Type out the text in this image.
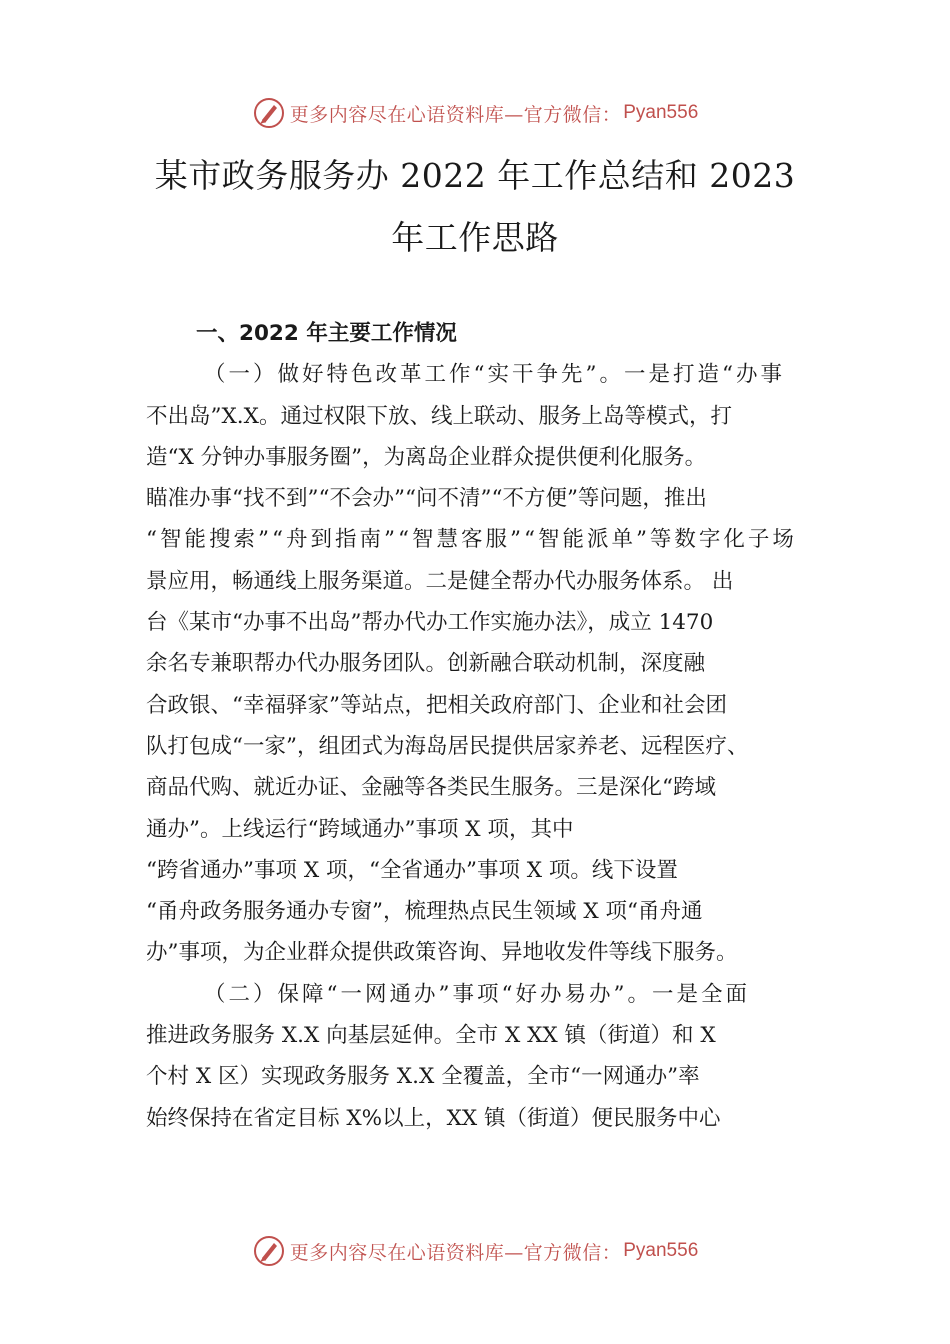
更多内容尽在心语资料库—官方微信： Pyan556
某市政务服务办 2022 年工作总结和 2023
年工作思路
一、2022 年主要工作情况
（一）做好特色改革工作“实干争先”。一是打造“办事
不出岛”X.X。通过权限下放、线上联动、服务上岛等模式，打
造“X 分钟办事服务圈”，为离岛企业群众提供便利化服务。
瞄准办事“找不到”“不会办”“问不清”“不方便”等问题，推出
“智能搜索”“舟到指南”“智慧客服”“智能派单”等数字化子场
景应用，畅通线上服务渠道。二是健全帮办代办服务体系。 出
台《某市“办事不出岛”帮办代办工作实施办法》，成立 1470
余名专兼职帮办代办服务团队。创新融合联动机制，深度融
合政银、“幸福驿家”等站点，把相关政府部门、企业和社会团
队打包成“一家”，组团式为海岛居民提供居家养老、远程医疗、
商品代购、就近办证、金融等各类民生服务。三是深化“跨域
通办”。上线运行“跨域通办”事项 X 项，其中
“跨省通办”事项 X 项，“全省通办”事项 X 项。线下设置
“甬舟政务服务通办专窗”，梳理热点民生领域 X 项“甬舟通
办”事项，为企业群众提供政策咨询、异地收发件等线下服务。
（二）保障“一网通办”事项“好办易办”。一是全面
推进政务服务 X.X 向基层延伸。全市 X XX 镇（街道）和 X
个村 X 区）实现政务服务 X.X 全覆盖，全市“一网通办”率
始终保持在省定目标 X%以上，XX 镇（街道）便民服务中心
更多内容尽在心语资料库—官方微信： Pyan556
